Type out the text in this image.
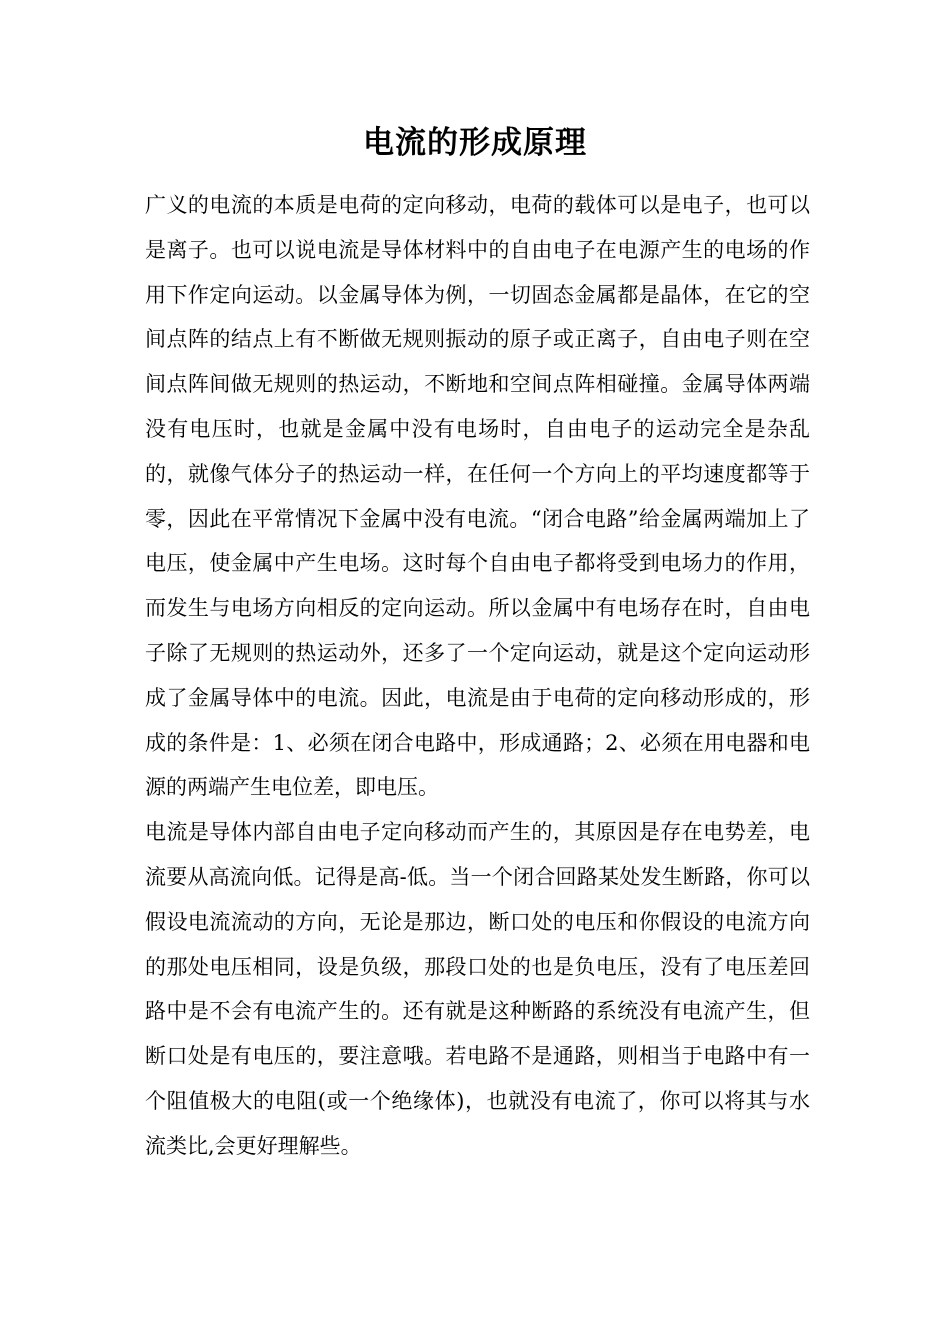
电流的形成原理

广义的电流的本质是电荷的定向移动，电荷的载体可以是电子，也可以是离子。也可以说电流是导体材料中的自由电子在电源产生的电场的作用下作定向运动。以金属导体为例，一切固态金属都是晶体，在它的空间点阵的结点上有不断做无规则振动的原子或正离子，自由电子则在空间点阵间做无规则的热运动，不断地和空间点阵相碰撞。金属导体两端没有电压时，也就是金属中没有电场时，自由电子的运动完全是杂乱的，就像气体分子的热运动一样，在任何一个方向上的平均速度都等于零，因此在平常情况下金属中没有电流。“闭合电路”给金属两端加上了电压，使金属中产生电场。这时每个自由电子都将受到电场力的作用，而发生与电场方向相反的定向运动。所以金属中有电场存在时，自由电子除了无规则的热运动外，还多了一个定向运动，就是这个定向运动形成了金属导体中的电流。因此，电流是由于电荷的定向移动形成的，形成的条件是：1、必须在闭合电路中，形成通路；2、必须在用电器和电源的两端产生电位差，即电压。

电流是导体内部自由电子定向移动而产生的，其原因是存在电势差，电流要从高流向低。记得是高-低。当一个闭合回路某处发生断路，你可以假设电流流动的方向，无论是那边，断口处的电压和你假设的电流方向的那处电压相同，设是负级，那段口处的也是负电压，没有了电压差回路中是不会有电流产生的。还有就是这种断路的系统没有电流产生，但断口处是有电压的，要注意哦。若电路不是通路，则相当于电路中有一个阻值极大的电阻(或一个绝缘体)，也就没有电流了，你可以将其与水流类比,会更好理解些。
